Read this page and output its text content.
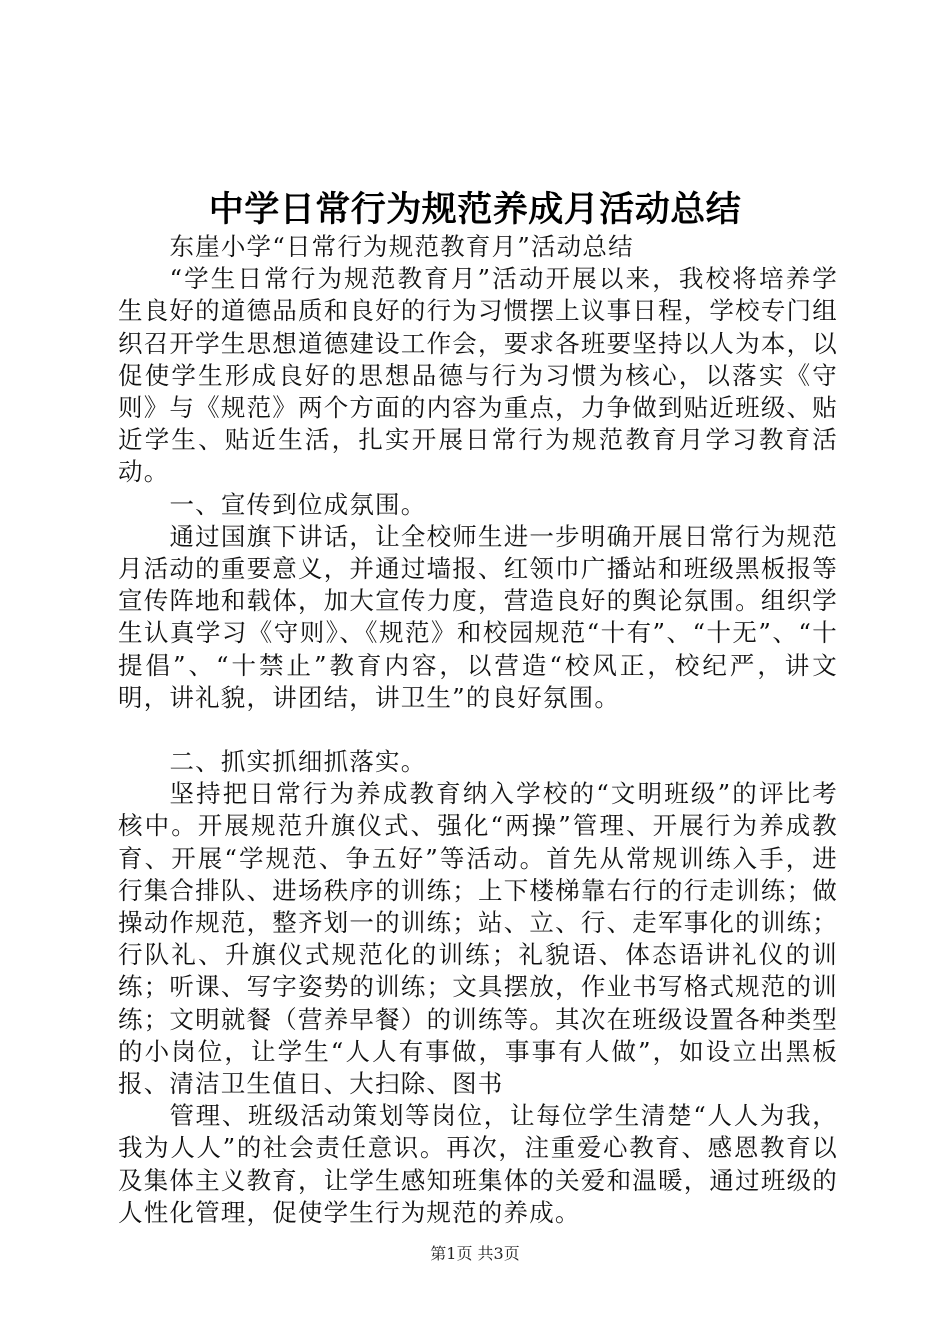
中学日常行为规范养成月活动总结

东崖小学“日常行为规范教育月”活动总结

“学生日常行为规范教育月”活动开展以来，我校将培养学生良好的道德品质和良好的行为习惯摆上议事日程，学校专门组织召开学生思想道德建设工作会，要求各班要坚持以人为本，以促使学生形成良好的思想品德与行为习惯为核心，以落实《守则》与《规范》两个方面的内容为重点，力争做到贴近班级、贴近学生、贴近生活，扎实开展日常行为规范教育月学习教育活动。

一、宣传到位成氛围。

通过国旗下讲话，让全校师生进一步明确开展日常行为规范月活动的重要意义，并通过墙报、红领巾广播站和班级黑板报等宣传阵地和载体，加大宣传力度，营造良好的舆论氛围。组织学生认真学习《守则》、《规范》和校园规范“十有”、“十无”、“十提倡”、“十禁止”教育内容，以营造“校风正，校纪严，讲文明，讲礼貌，讲团结，讲卫生”的良好氛围。

二、抓实抓细抓落实。

坚持把日常行为养成教育纳入学校的“文明班级”的评比考核中。开展规范升旗仪式、强化“两操”管理、开展行为养成教育、开展“学规范、争五好”等活动。首先从常规训练入手，进行集合排队、进场秩序的训练；上下楼梯靠右行的行走训练；做操动作规范，整齐划一的训练；站、立、行、走军事化的训练；行队礼、升旗仪式规范化的训练；礼貌语、体态语讲礼仪的训练；听课、写字姿势的训练；文具摆放，作业书写格式规范的训练；文明就餐（营养早餐）的训练等。其次在班级设置各种类型的小岗位，让学生“人人有事做，事事有人做”，如设立出黑板报、清洁卫生值日、大扫除、图书

管理、班级活动策划等岗位，让每位学生清楚“人人为我，我为人人”的社会责任意识。再次，注重爱心教育、感恩教育以及集体主义教育，让学生感知班集体的关爱和温暖，通过班级的人性化管理，促使学生行为规范的养成。

第1页 共3页
